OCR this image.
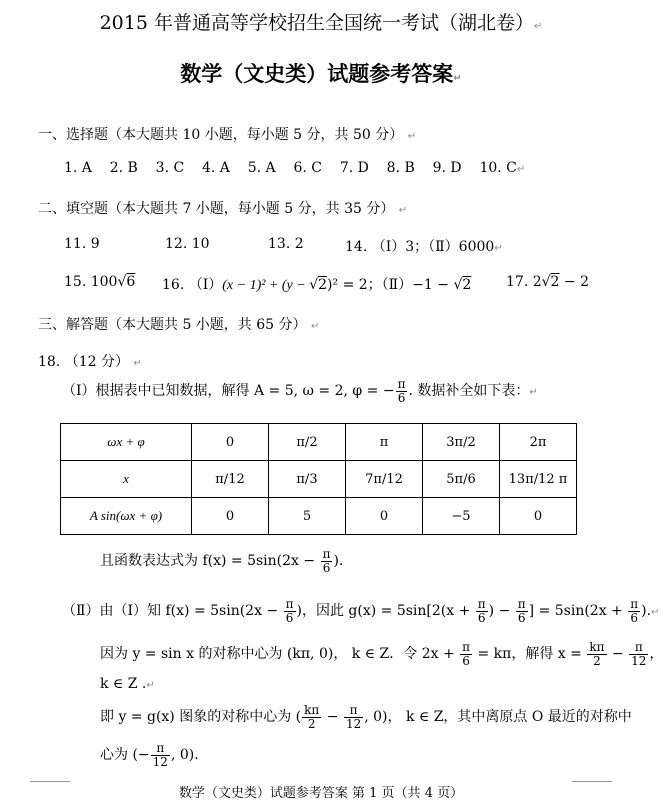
2015 年普通高等学校招生全国统一考试（湖北卷）↵
数学（文史类）试题参考答案↵
一、选择题（本大题共 10 小题，每小题 5 分，共 50 分） ↵
1. A 2. B 3. C 4. A 5. A 6. C 7. D 8. B 9. D 10. C↵
二、填空题（本大题共 7 小题，每小题 5 分，共 35 分） ↵
11. 9	12. 10	13. 2	14. （Ⅰ）3；（Ⅱ）6000↵
15. 100√6 16. （Ⅰ）(x − 1)² + (y − √2)² = 2；（Ⅱ）−1 − √2 17. 2√2 − 2
三、解答题（本大题共 5 小题，共 65 分） ↵
18. （12 分） ↵
（Ⅰ）根据表中已知数据，解得 A = 5, ω = 2, φ = − $\frac{\pi}{6}$ . 数据补全如下表：↵
ωx + φ	0	π/2	π	3π/2	2π
x	π/12	π/3	7π/12	5π/6	13π/12 π
A sin(ωx + φ)	0	5	0	−5	0
且函数表达式为 $f(x) = 5\sin(2x - \frac{\pi}{6}$ ).
（Ⅱ）由（Ⅰ）知 $f(x) = 5\sin(2x - \frac{\pi}{6}$ )，因此 $g(x) = 5\sin[2(x + \frac{\pi}{6}$ ) − $\frac{\pi}{6}$ ] = $5\sin(2x + \frac{\pi}{6}$ ).↵
因为 y = sin x 的对称中心为 (kπ, 0)， k ∈ Z．令 $2x + \frac{\pi}{6} = k\pi$，解得 $x = \frac{k\pi}{2} - \frac{\pi}{12}$ ，
k ∈ Z .↵
即 y = g(x) 图象的对称中心为 ( $\frac{k\pi}{2} - \frac{\pi}{12}$ , 0)， k ∈ Z，其中离原点 O 最近的对称中
心为 (− $\frac{\pi}{12}$ , 0).
数学（文史类）试题参考答案 第 1 页（共 4 页）
